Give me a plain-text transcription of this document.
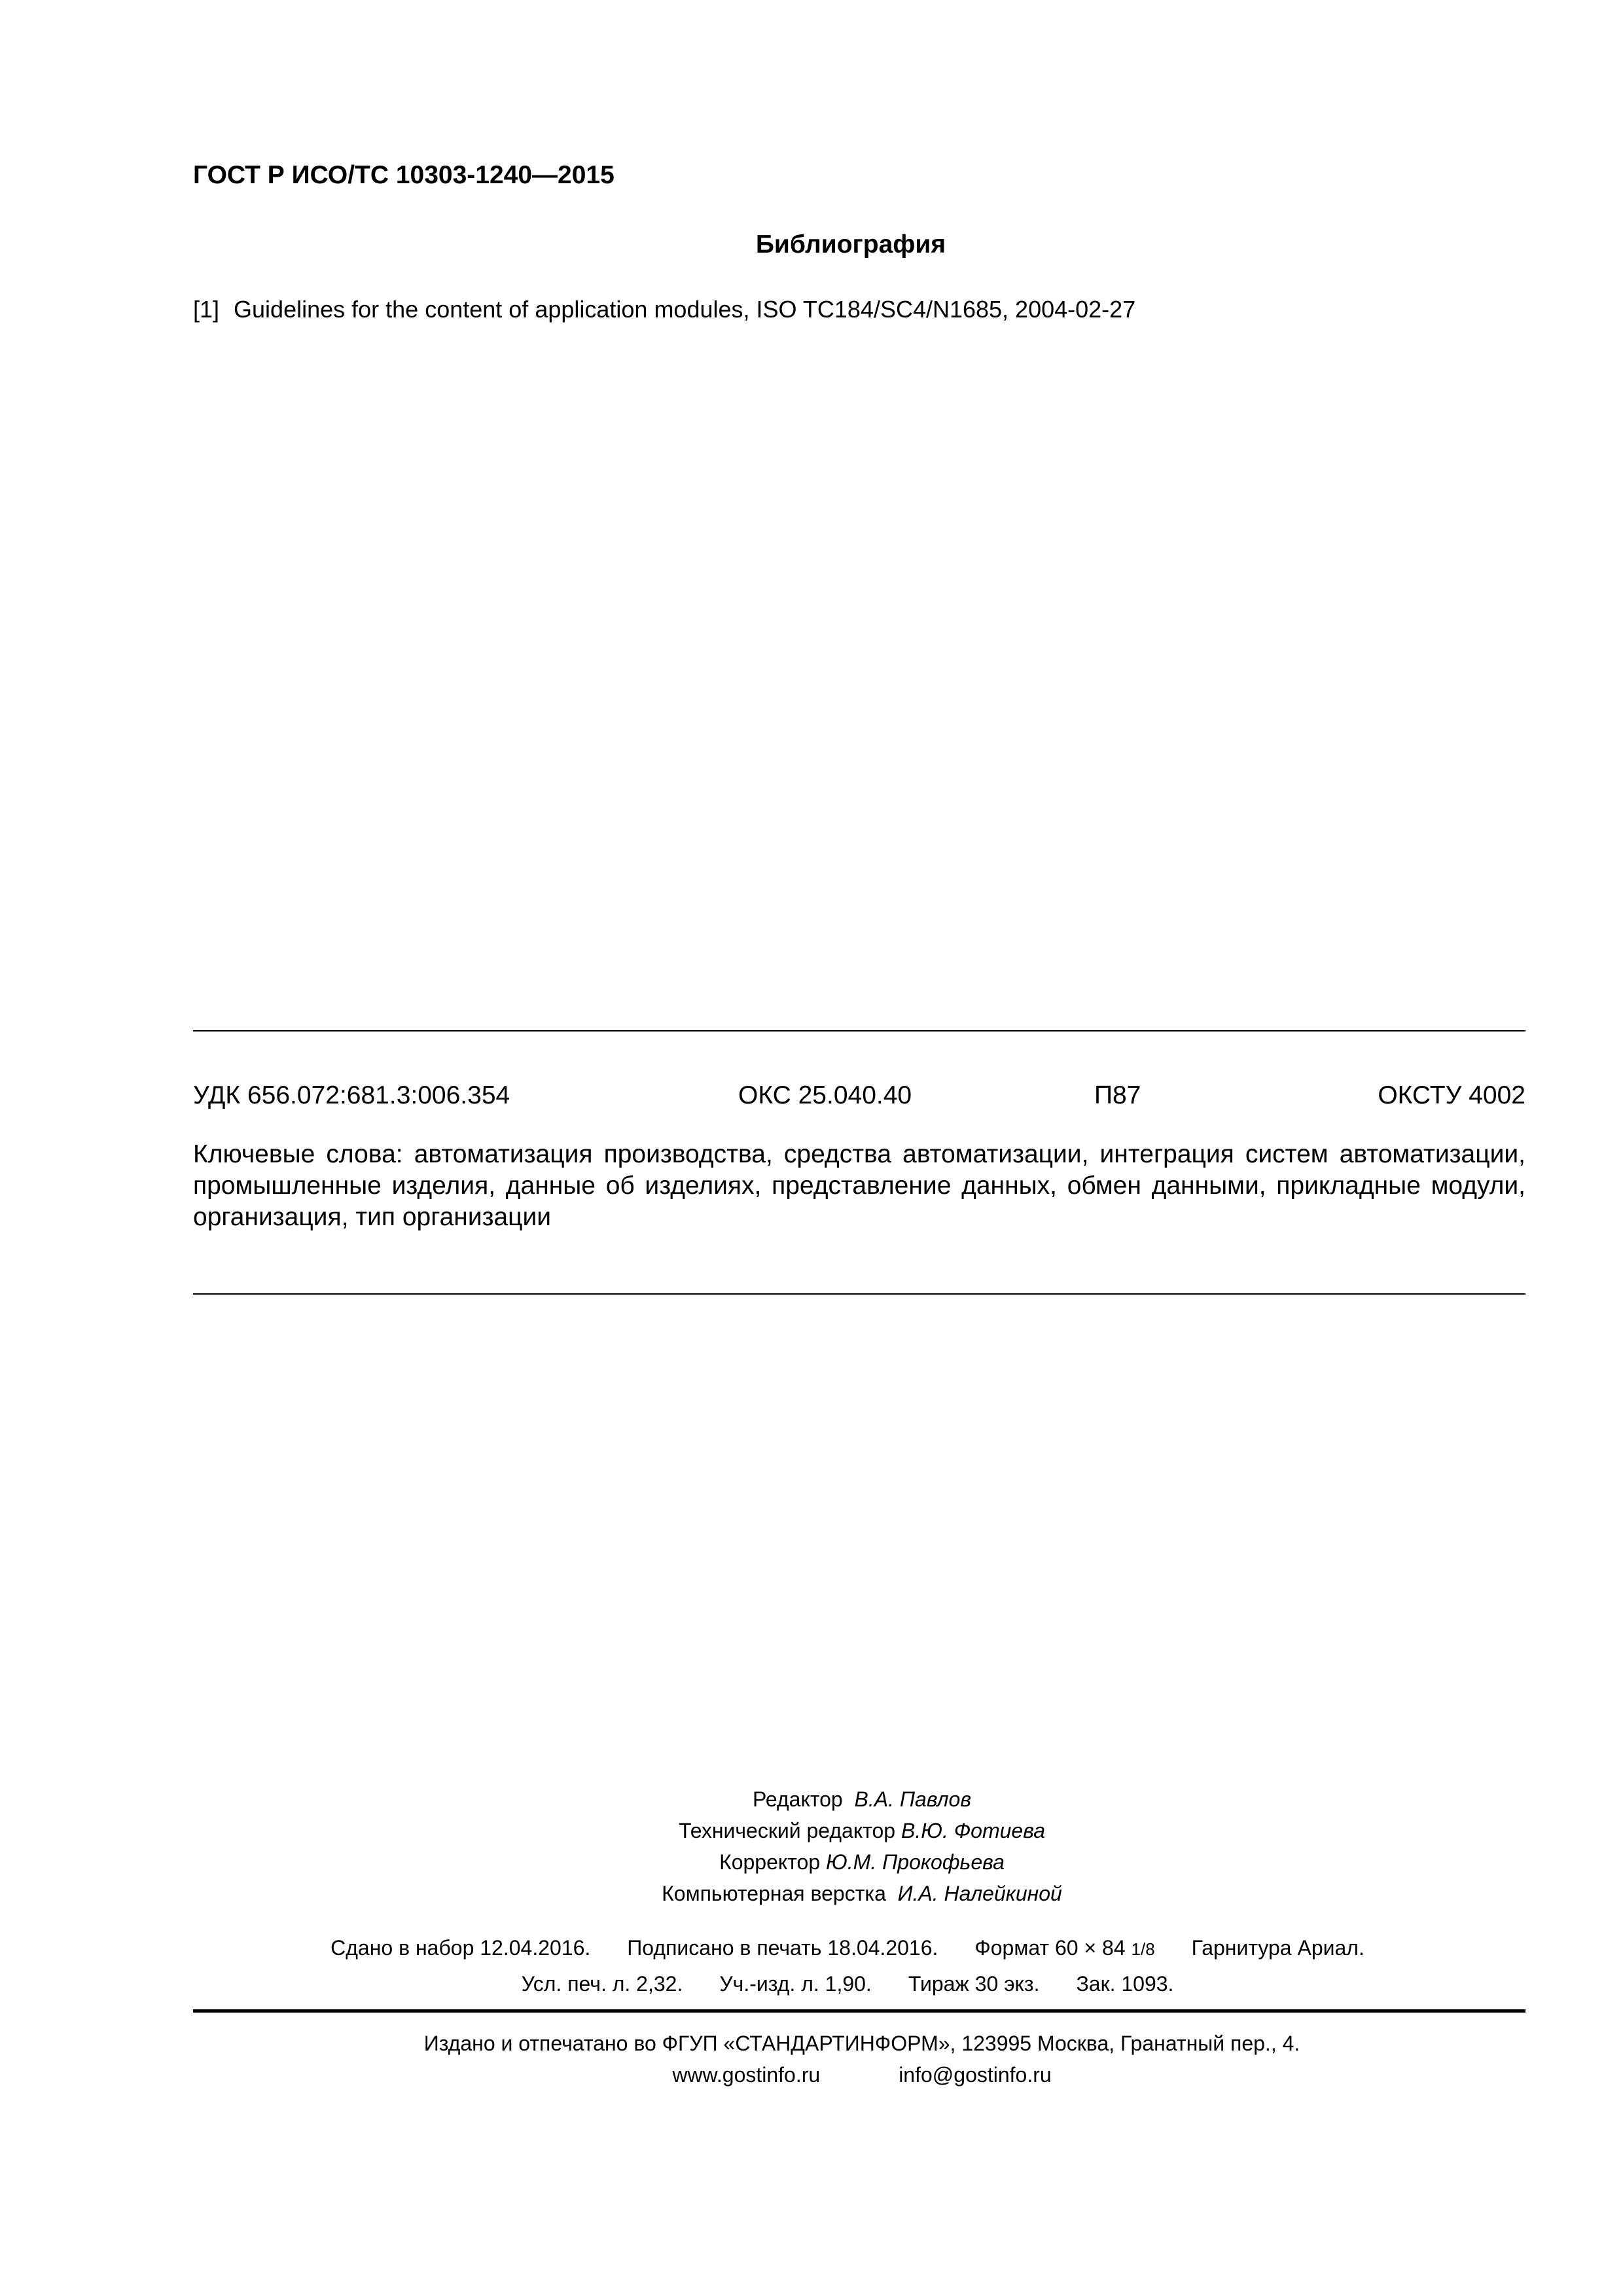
ГОСТ Р ИСО/ТС 10303-1240—2015
Библиография
[1] Guidelines for the content of application modules, ISO TC184/SC4/N1685, 2004-02-27
УДК 656.072:681.3:006.354	ОКС 25.040.40	П87	ОКСТУ 4002
Ключевые слова: автоматизация производства, средства автоматизации, интеграция систем автоматизации, промышленные изделия, данные об изделиях, представление данных, обмен данными, прикладные модули, организация, тип организации
Редактор В.А. Павлов
Технический редактор В.Ю. Фотиева
Корректор Ю.М. Прокофьева
Компьютерная верстка И.А. Налейкиной
Сдано в набор 12.04.2016. Подписано в печать 18.04.2016. Формат 60 × 84 1/8 Гарнитура Ариал.
Усл. печ. л. 2,32. Уч.-изд. л. 1,90. Тираж 30 экз. Зак. 1093.
Издано и отпечатано во ФГУП «СТАНДАРТИНФОРМ», 123995 Москва, Гранатный пер., 4.
www.gostinfo.ru	info@gostinfo.ru
